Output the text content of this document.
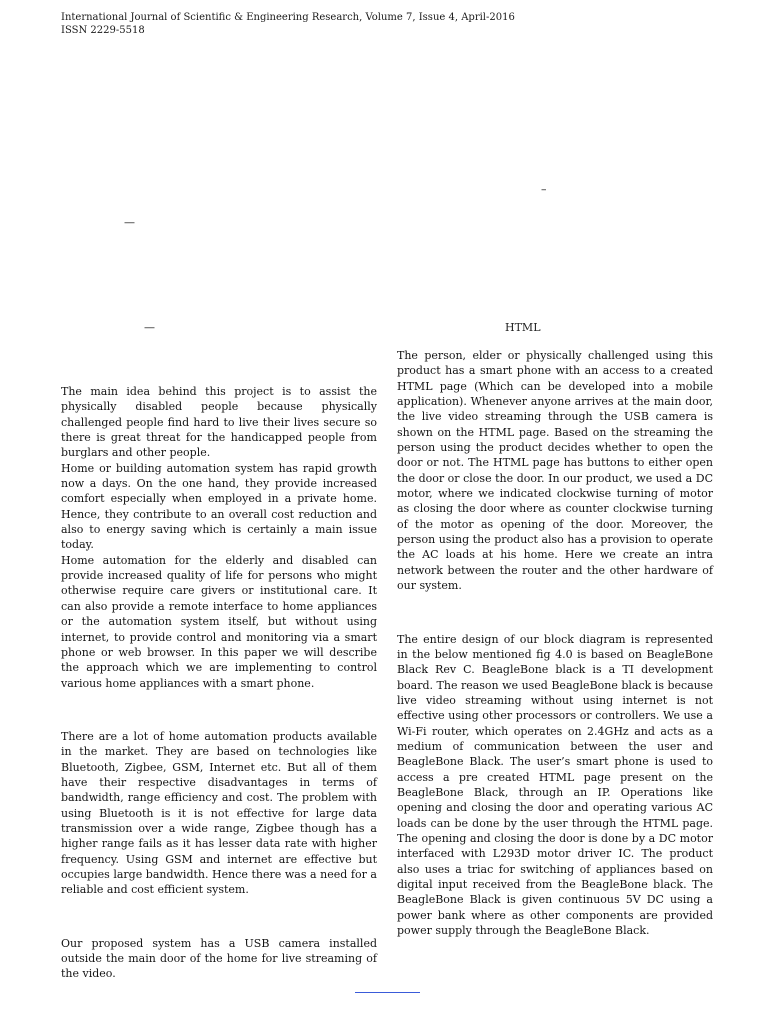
International Journal of Scientific & Engineering Research, Volume 7, Issue 4, April-2016
ISSN 2229-5518
–
—
—	HTML

The main idea behind this project is to assist the physically disabled people because physically challenged people find hard to live their lives secure so there is great threat for the handicapped people from burglars and other people.

Home or building automation system has rapid growth now a days. On the one hand, they provide increased comfort especially when employed in a private home. Hence, they contribute to an overall cost reduction and also to energy saving which is certainly a main issue today.

Home automation for the elderly and disabled can provide increased quality of life for persons who might otherwise require care givers or institutional care. It can also provide a remote interface to home appliances or the automation system itself, but without using internet, to provide control and monitoring via a smart phone or web browser. In this paper we will describe the approach which we are implementing to control various home appliances with a smart phone.

There are a lot of home automation products available in the market. They are based on technologies like Bluetooth, Zigbee, GSM, Internet etc. But all of them have their respective disadvantages in terms of bandwidth, range efficiency and cost. The problem with using Bluetooth is it is not effective for large data transmission over a wide range, Zigbee though has a higher range fails as it has lesser data rate with higher frequency. Using GSM and internet are effective but occupies large bandwidth. Hence there was a need for a reliable and cost efficient system.

Our proposed system has a USB camera installed outside the main door of the home for live streaming of the video.

The person, elder or physically challenged using this product has a smart phone with an access to a created HTML page (Which can be developed into a mobile application). Whenever anyone arrives at the main door, the live video streaming through the USB camera is shown on the HTML page. Based on the streaming the person using the product decides whether to open the door or not. The HTML page has buttons to either open the door or close the door. In our product, we used a DC motor, where we indicated clockwise turning of motor as closing the door where as counter clockwise turning of the motor as opening of the door. Moreover, the person using the product also has a provision to operate the AC loads at his home. Here we create an intra network between the router and the other hardware of our system.

The entire design of our block diagram is represented in the below mentioned fig 4.0 is based on BeagleBone Black Rev C. BeagleBone black is a TI development board. The reason we used BeagleBone black is because live video streaming without using internet is not effective using other processors or controllers. We use a Wi-Fi router, which operates on 2.4GHz and acts as a medium of communication between the user and BeagleBone Black. The user’s smart phone is used to access a pre created HTML page present on the BeagleBone Black, through an IP. Operations like opening and closing the door and operating various AC loads can be done by the user through the HTML page. The opening and closing the door is done by a DC motor interfaced with L293D motor driver IC. The product also uses a triac for switching of appliances based on digital input received from the BeagleBone black. The BeagleBone Black is given continuous 5V DC using a power bank where as other components are provided power supply through the BeagleBone Black.
